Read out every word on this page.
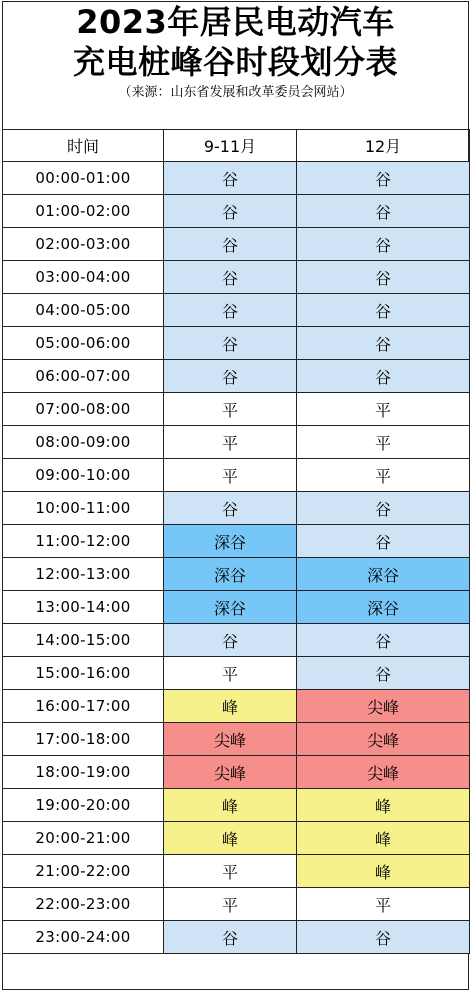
2023年居民电动汽车
充电桩峰谷时段划分表
（来源：山东省发展和改革委员会网站）
时间	9-11月	12月
00:00-01:00	谷	谷
01:00-02:00	谷	谷
02:00-03:00	谷	谷
03:00-04:00	谷	谷
04:00-05:00	谷	谷
05:00-06:00	谷	谷
06:00-07:00	谷	谷
07:00-08:00	平	平
08:00-09:00	平	平
09:00-10:00	平	平
10:00-11:00	谷	谷
11:00-12:00	深谷	谷
12:00-13:00	深谷	深谷
13:00-14:00	深谷	深谷
14:00-15:00	谷	谷
15:00-16:00	平	谷
16:00-17:00	峰	尖峰
17:00-18:00	尖峰	尖峰
18:00-19:00	尖峰	尖峰
19:00-20:00	峰	峰
20:00-21:00	峰	峰
21:00-22:00	平	峰
22:00-23:00	平	平
23:00-24:00	谷	谷
